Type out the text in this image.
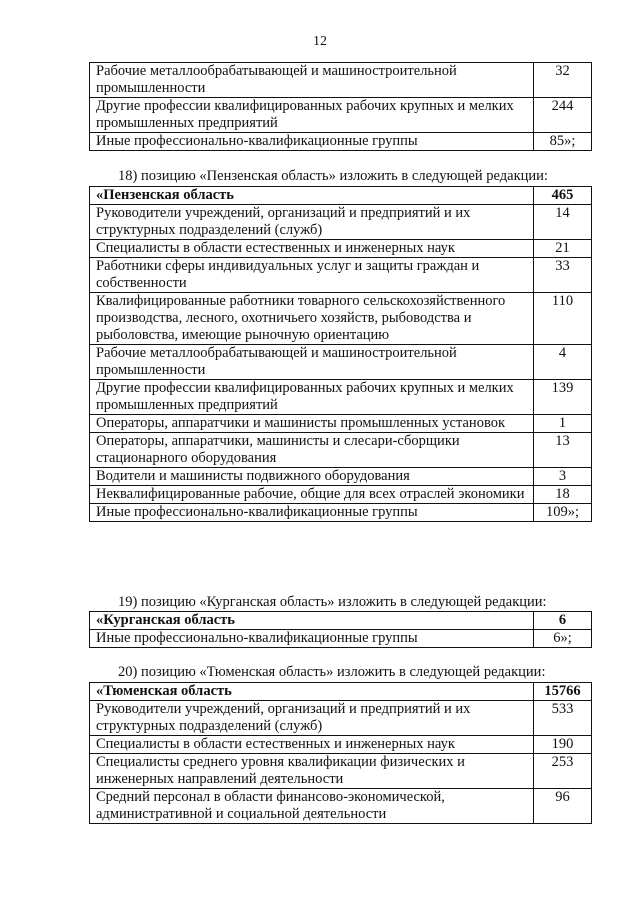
12
Рабочие металлообрабатывающей и машиностроительной промышленности	32
Другие профессии квалифицированных рабочих крупных и мелких промышленных предприятий	244
Иные профессионально-квалификационные группы	85»;
18) позицию «Пензенская область» изложить в следующей редакции:
«Пензенская область	465
Руководители учреждений, организаций и предприятий и их структурных подразделений (служб)	14
Специалисты в области естественных и инженерных наук	21
Работники сферы индивидуальных услуг и защиты граждан и собственности	33
Квалифицированные работники товарного сельскохозяйственного производства, лесного, охотничьего хозяйств, рыбоводства и рыболовства, имеющие рыночную ориентацию	110
Рабочие металлообрабатывающей и машиностроительной промышленности	4
Другие профессии квалифицированных рабочих крупных и мелких промышленных предприятий	139
Операторы, аппаратчики и машинисты промышленных установок	1
Операторы, аппаратчики, машинисты и слесари-сборщики стационарного оборудования	13
Водители и машинисты подвижного оборудования	3
Неквалифицированные рабочие, общие для всех отраслей экономики	18
Иные профессионально-квалификационные группы	109»;
19) позицию «Курганская область» изложить в следующей редакции:
«Курганская область	6
Иные профессионально-квалификационные группы	6»;
20) позицию «Тюменская область» изложить в следующей редакции:
«Тюменская область	15766
Руководители учреждений, организаций и предприятий и их структурных подразделений (служб)	533
Специалисты в области естественных и инженерных наук	190
Специалисты среднего уровня квалификации физических и инженерных направлений деятельности	253
Средний персонал в области финансово-экономической, административной и социальной деятельности	96
